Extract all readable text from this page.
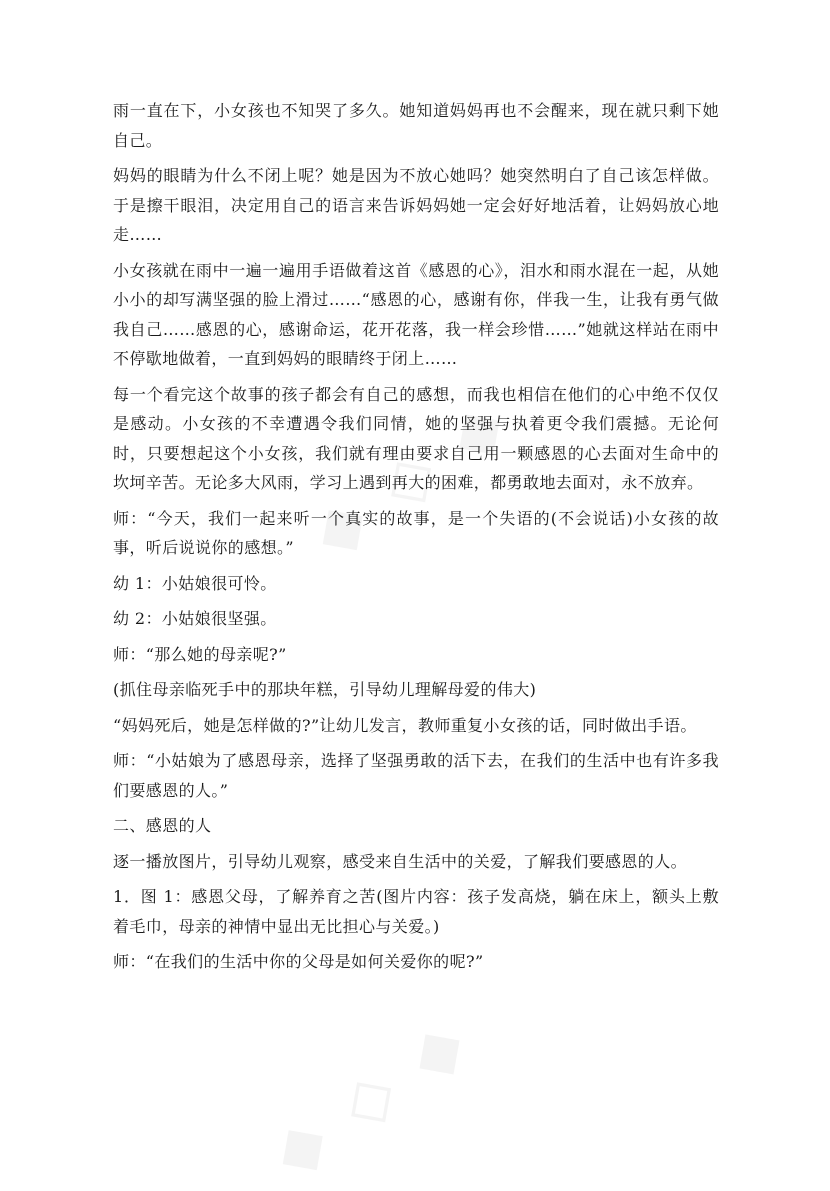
雨一直在下，小女孩也不知哭了多久。她知道妈妈再也不会醒来，现在就只剩下她自己。

妈妈的眼睛为什么不闭上呢？她是因为不放心她吗？她突然明白了自己该怎样做。于是擦干眼泪，决定用自己的语言来告诉妈妈她一定会好好地活着，让妈妈放心地走……

小女孩就在雨中一遍一遍用手语做着这首《感恩的心》，泪水和雨水混在一起，从她小小的却写满坚强的脸上滑过……“感恩的心，感谢有你，伴我一生，让我有勇气做我自己……感恩的心，感谢命运，花开花落，我一样会珍惜……”她就这样站在雨中不停歇地做着，一直到妈妈的眼睛终于闭上……

每一个看完这个故事的孩子都会有自己的感想，而我也相信在他们的心中绝不仅仅是感动。小女孩的不幸遭遇令我们同情，她的坚强与执着更令我们震撼。无论何时，只要想起这个小女孩，我们就有理由要求自己用一颗感恩的心去面对生命中的坎坷辛苦。无论多大风雨，学习上遇到再大的困难，都勇敢地去面对，永不放弃。

师：“今天，我们一起来听一个真实的故事，是一个失语的(不会说话)小女孩的故事，听后说说你的感想。”

幼 1：小姑娘很可怜。

幼 2：小姑娘很坚强。

师：“那么她的母亲呢?”

(抓住母亲临死手中的那块年糕，引导幼儿理解母爱的伟大)

“妈妈死后，她是怎样做的?”让幼儿发言，教师重复小女孩的话，同时做出手语。

师：“小姑娘为了感恩母亲，选择了坚强勇敢的活下去，在我们的生活中也有许多我们要感恩的人。”

二、感恩的人

逐一播放图片，引导幼儿观察，感受来自生活中的关爱，了解我们要感恩的人。

1．图 1：感恩父母，了解养育之苦(图片内容：孩子发高烧，躺在床上，额头上敷着毛巾，母亲的神情中显出无比担心与关爱。)

师：“在我们的生活中你的父母是如何关爱你的呢?”
